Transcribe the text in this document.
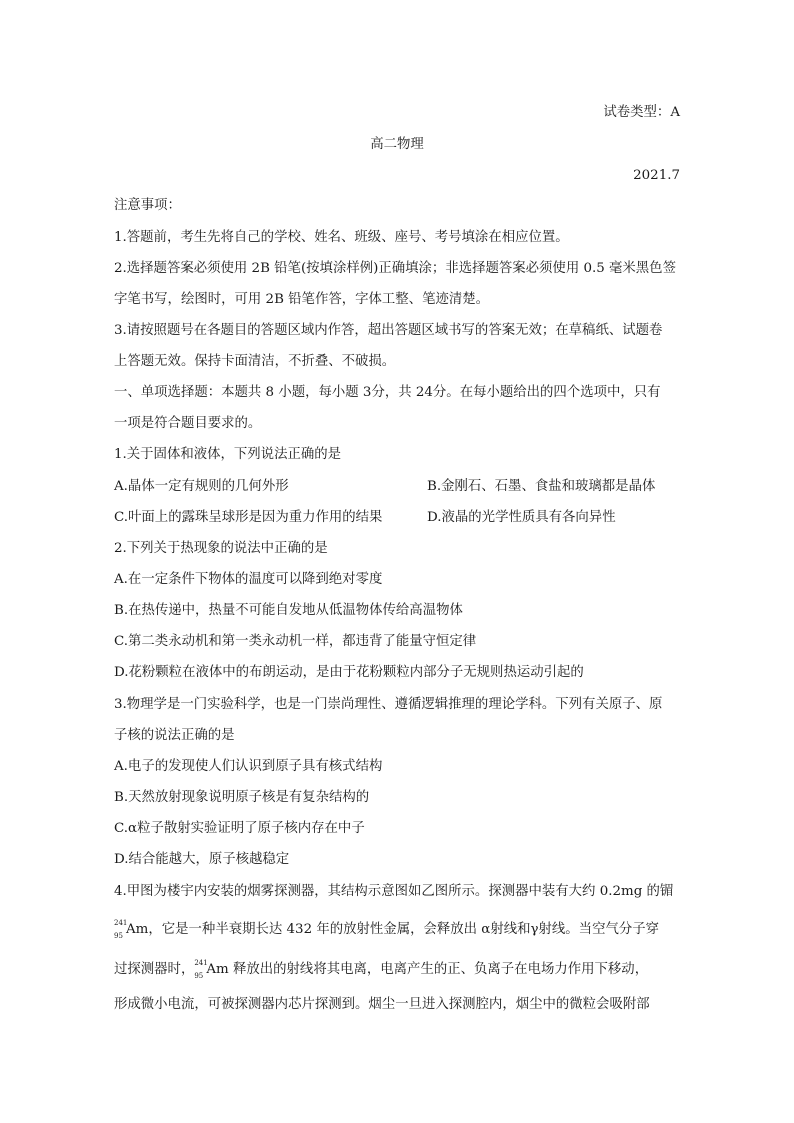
试卷类型：A
高二物理
2021.7
注意事项：
1.答题前，考生先将自己的学校、姓名、班级、座号、考号填涂在相应位置。
2.选择题答案必须使用 2B 铅笔(按填涂样例)正确填涂；非选择题答案必须使用 0.5 毫米黑色签
字笔书写，绘图时，可用 2B 铅笔作答，字体工整、笔迹清楚。
3.请按照题号在各题目的答题区域内作答，超出答题区域书写的答案无效；在草稿纸、试题卷
上答题无效。保持卡面清洁，不折叠、不破损。
一、单项选择题：本题共 8 小题，每小题 3分，共 24分。在每小题给出的四个选项中，只有
一项是符合题目要求的。
1.关于固体和液体，下列说法正确的是
A.晶体一定有规则的几何外形	B.金刚石、石墨、食盐和玻璃都是晶体
C.叶面上的露珠呈球形是因为重力作用的结果	D.液晶的光学性质具有各向异性
2.下列关于热现象的说法中正确的是
A.在一定条件下物体的温度可以降到绝对零度
B.在热传递中，热量不可能自发地从低温物体传给高温物体
C.第二类永动机和第一类永动机一样，都违背了能量守恒定律
D.花粉颗粒在液体中的布朗运动，是由于花粉颗粒内部分子无规则热运动引起的
3.物理学是一门实验科学，也是一门崇尚理性、遵循逻辑推理的理论学科。下列有关原子、原
子核的说法正确的是
A.电子的发现使人们认识到原子具有核式结构
B.天然放射现象说明原子核是有复杂结构的
C.α粒子散射实验证明了原子核内存在中子
D.结合能越大，原子核越稳定
4.甲图为楼宇内安装的烟雾探测器，其结构示意图如乙图所示。探测器中装有大约 0.2mg 的镅
241
95 Am，它是一种半衰期长达 432 年的放射性金属，会释放出 α射线和γ射线。当空气分子穿
过探测器时， 241
95 Am 释放出的射线将其电离，电离产生的正、负离子在电场力作用下移动，
形成微小电流，可被探测器内芯片探测到。烟尘一旦进入探测腔内，烟尘中的微粒会吸附部
